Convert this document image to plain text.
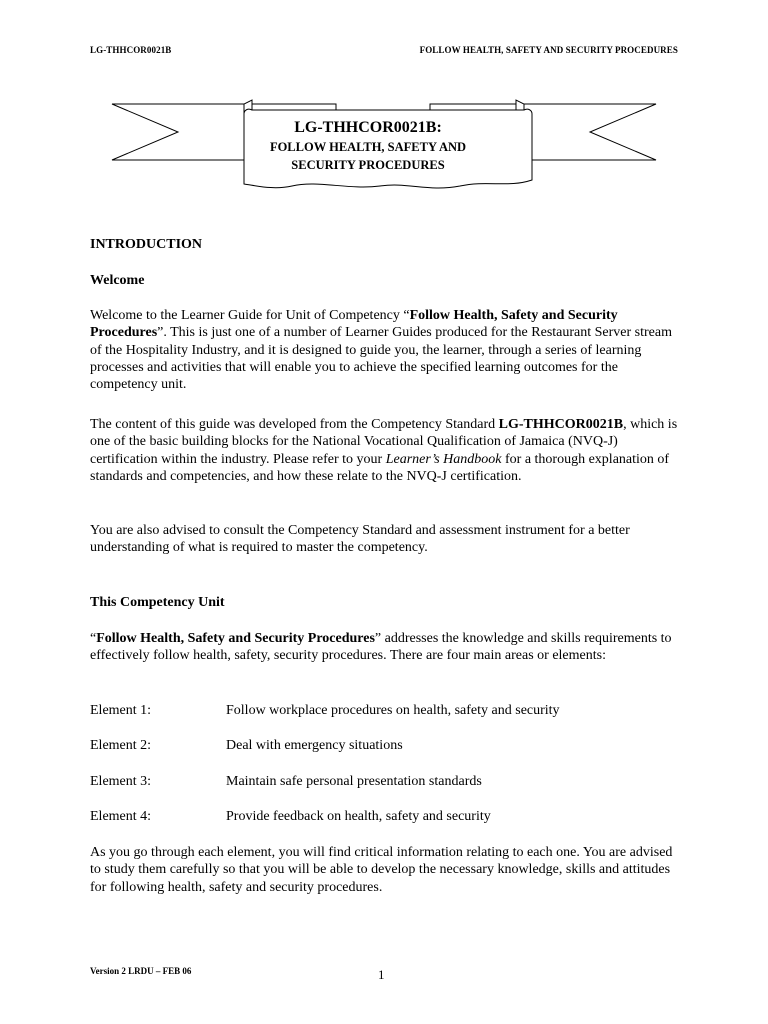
LG-THHCOR0021B	FOLLOW HEALTH, SAFETY AND SECURITY PROCEDURES
LG-THHCOR0021B:
FOLLOW HEALTH, SAFETY AND
SECURITY PROCEDURES
INTRODUCTION
Welcome

Welcome to the Learner Guide for Unit of Competency “Follow Health, Safety and Security Procedures”. This is just one of a number of Learner Guides produced for the Restaurant Server stream of the Hospitality Industry, and it is designed to guide you, the learner, through a series of learning processes and activities that will enable you to achieve the specified learning outcomes for the competency unit.

The content of this guide was developed from the Competency Standard LG-THHCOR0021B, which is one of the basic building blocks for the National Vocational Qualification of Jamaica (NVQ-J) certification within the industry. Please refer to your Learner’s Handbook for a thorough explanation of standards and competencies, and how these relate to the NVQ-J certification.

You are also advised to consult the Competency Standard and assessment instrument for a better understanding of what is required to master the competency.
This Competency Unit

“Follow Health, Safety and Security Procedures” addresses the knowledge and skills requirements to effectively follow health, safety, security procedures. There are four main areas or elements:

Element 1:	Follow workplace procedures on health, safety and security
Element 2:	Deal with emergency situations
Element 3:	Maintain safe personal presentation standards
Element 4:	Provide feedback on health, safety and security
As you go through each element, you will find critical information relating to each one. You are advised to study them carefully so that you will be able to develop the necessary knowledge, skills and attitudes for following health, safety and security procedures.
Version 2 LRDU – FEB 06	1
